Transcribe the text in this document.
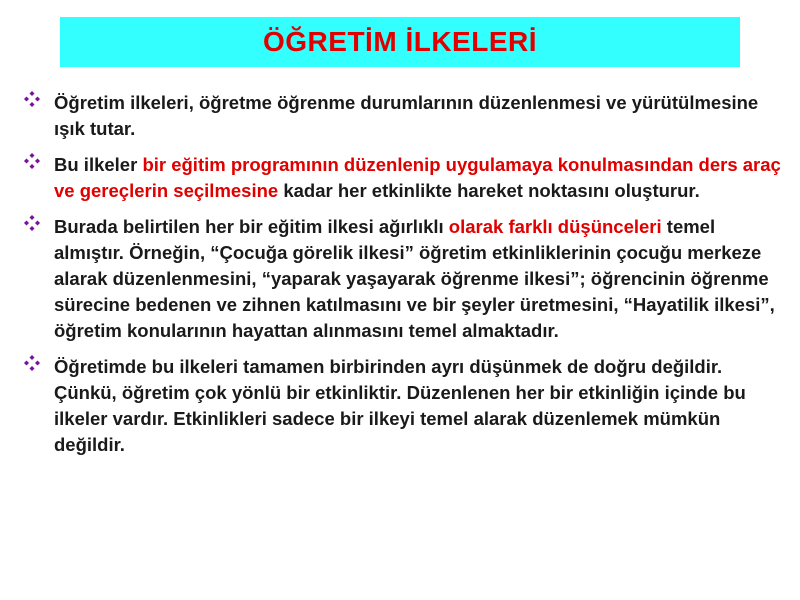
ÖĞRETİM İLKELERİ
Öğretim ilkeleri, öğretme öğrenme durumlarının düzenlenmesi ve yürütülmesine ışık tutar.
Bu ilkeler bir eğitim programının düzenlenip uygulamaya konulmasından ders araç ve gereçlerin seçilmesine kadar her etkinlikte hareket noktasını oluşturur.
Burada belirtilen her bir eğitim ilkesi ağırlıklı olarak farklı düşünceleri temel almıştır. Örneğin, “Çocuğa görelik ilkesi” öğretim etkinliklerinin çocuğu merkeze alarak düzenlenmesini, “yaparak yaşayarak öğrenme ilkesi”; öğrencinin öğrenme sürecine bedenen ve zihnen katılmasını ve bir şeyler üretmesini, “Hayatilik ilkesi”, öğretim konularının hayattan alınmasını temel almaktadır.
Öğretimde bu ilkeleri tamamen birbirinden ayrı düşünmek de doğru değildir. Çünkü, öğretim çok yönlü bir etkinliktir. Düzenlenen her bir etkinliğin içinde bu ilkeler vardır. Etkinlikleri sadece bir ilkeyi temel alarak düzenlemek mümkün değildir.
